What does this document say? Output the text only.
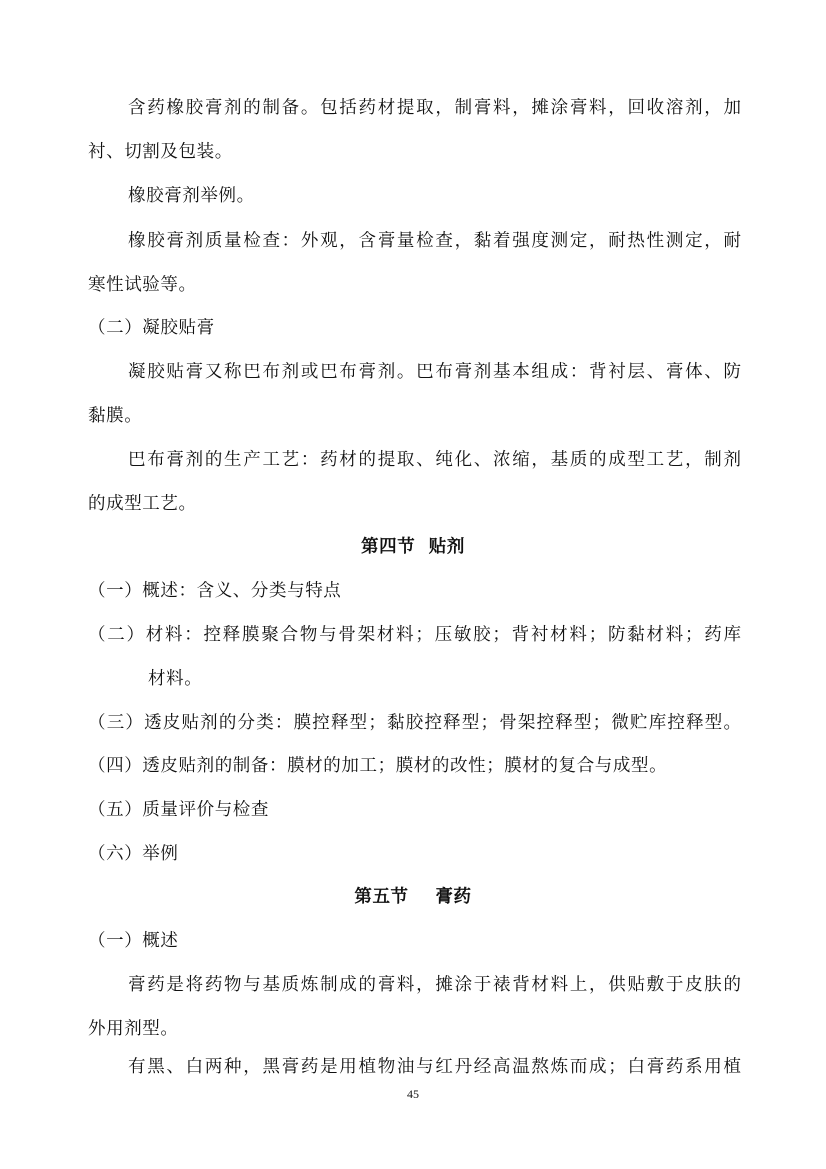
含药橡胶膏剂的制备。包括药材提取，制膏料，摊涂膏料，回收溶剂，加
衬、切割及包装。
橡胶膏剂举例。
橡胶膏剂质量检查：外观，含膏量检查，黏着强度测定，耐热性测定，耐
寒性试验等。
（二）凝胶贴膏
凝胶贴膏又称巴布剂或巴布膏剂。巴布膏剂基本组成：背衬层、膏体、防
黏膜。
巴布膏剂的生产工艺：药材的提取、纯化、浓缩，基质的成型工艺，制剂
的成型工艺。
第四节  贴剂
（一）概述：含义、分类与特点
（二）材料：控释膜聚合物与骨架材料；压敏胶；背衬材料；防黏材料；药库
材料。
（三）透皮贴剂的分类：膜控释型；黏胶控释型；骨架控释型；微贮库控释型。
（四）透皮贴剂的制备：膜材的加工；膜材的改性；膜材的复合与成型。
（五）质量评价与检查
（六）举例
第五节    膏药
（一）概述
膏药是将药物与基质炼制成的膏料，摊涂于裱背材料上，供贴敷于皮肤的
外用剂型。
有黑、白两种，黑膏药是用植物油与红丹经高温熬炼而成；白膏药系用植
45
